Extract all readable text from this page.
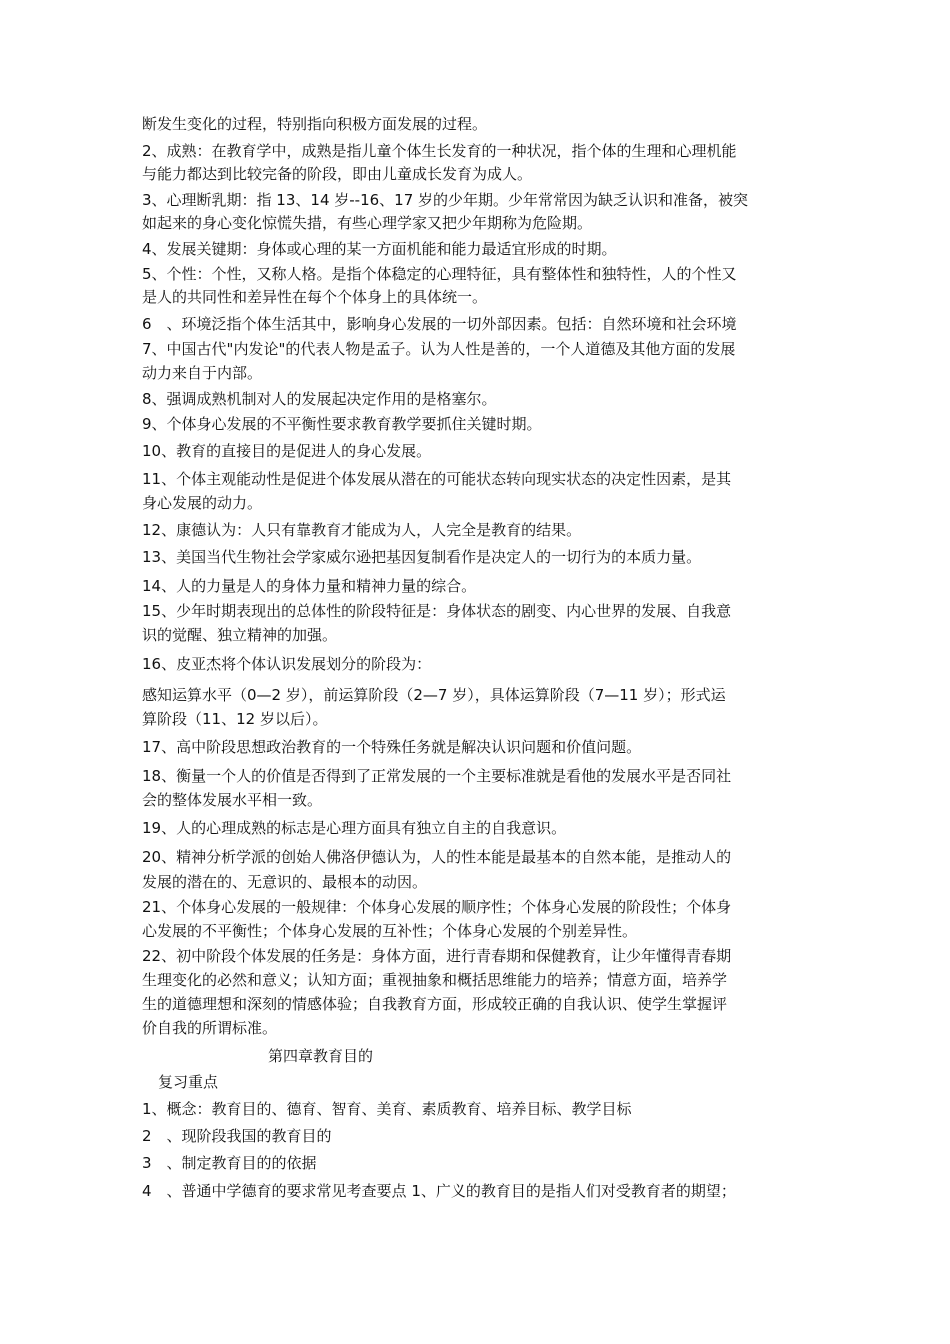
断发生变化的过程，特别指向积极方面发展的过程。
2、成熟：在教育学中，成熟是指儿童个体生长发育的一种状况，指个体的生理和心理机能
与能力都达到比较完备的阶段，即由儿童成长发育为成人。
3、心理断乳期：指 13、14 岁--16、17 岁的少年期。少年常常因为缺乏认识和准备，被突
如起来的身心变化惊慌失措，有些心理学家又把少年期称为危险期。
4、发展关键期：身体或心理的某一方面机能和能力最适宜形成的时期。
5、个性：个性，又称人格。是指个体稳定的心理特征，具有整体性和独特性，人的个性又
是人的共同性和差异性在每个个体身上的具体统一。
6　、环境泛指个体生活其中，影响身心发展的一切外部因素。包括：自然环境和社会环境
7、中国古代"内发论"的代表人物是孟子。认为人性是善的，一个人道德及其他方面的发展
动力来自于内部。
8、强调成熟机制对人的发展起决定作用的是格塞尔。
9、个体身心发展的不平衡性要求教育教学要抓住关键时期。
10、教育的直接目的是促进人的身心发展。
11、个体主观能动性是促进个体发展从潜在的可能状态转向现实状态的决定性因素，是其
身心发展的动力。
12、康德认为：人只有靠教育才能成为人，人完全是教育的结果。
13、美国当代生物社会学家威尔逊把基因复制看作是决定人的一切行为的本质力量。
14、人的力量是人的身体力量和精神力量的综合。
15、少年时期表现出的总体性的阶段特征是：身体状态的剧变、内心世界的发展、自我意
识的觉醒、独立精神的加强。
16、皮亚杰将个体认识发展划分的阶段为：
感知运算水平（0—2 岁），前运算阶段（2—7 岁），具体运算阶段（7—11 岁）；形式运
算阶段（11、12 岁以后）。
17、高中阶段思想政治教育的一个特殊任务就是解决认识问题和价值问题。
18、衡量一个人的价值是否得到了正常发展的一个主要标准就是看他的发展水平是否同社
会的整体发展水平相一致。
19、人的心理成熟的标志是心理方面具有独立自主的自我意识。
20、精神分析学派的创始人佛洛伊德认为，人的性本能是最基本的自然本能，是推动人的
发展的潜在的、无意识的、最根本的动因。
21、个体身心发展的一般规律：个体身心发展的顺序性；个体身心发展的阶段性；个体身
心发展的不平衡性；个体身心发展的互补性；个体身心发展的个别差异性。
22、初中阶段个体发展的任务是：身体方面，进行青春期和保健教育，让少年懂得青春期
生理变化的必然和意义；认知方面；重视抽象和概括思维能力的培养；情意方面，培养学
生的道德理想和深刻的情感体验；自我教育方面，形成较正确的自我认识、使学生掌握评
价自我的所谓标准。
第四章教育目的
复习重点
1、概念：教育目的、德育、智育、美育、素质教育、培养目标、教学目标
2　、现阶段我国的教育目的
3　、制定教育目的的依据
4　、普通中学德育的要求常见考查要点 1、广义的教育目的是指人们对受教育者的期望；
